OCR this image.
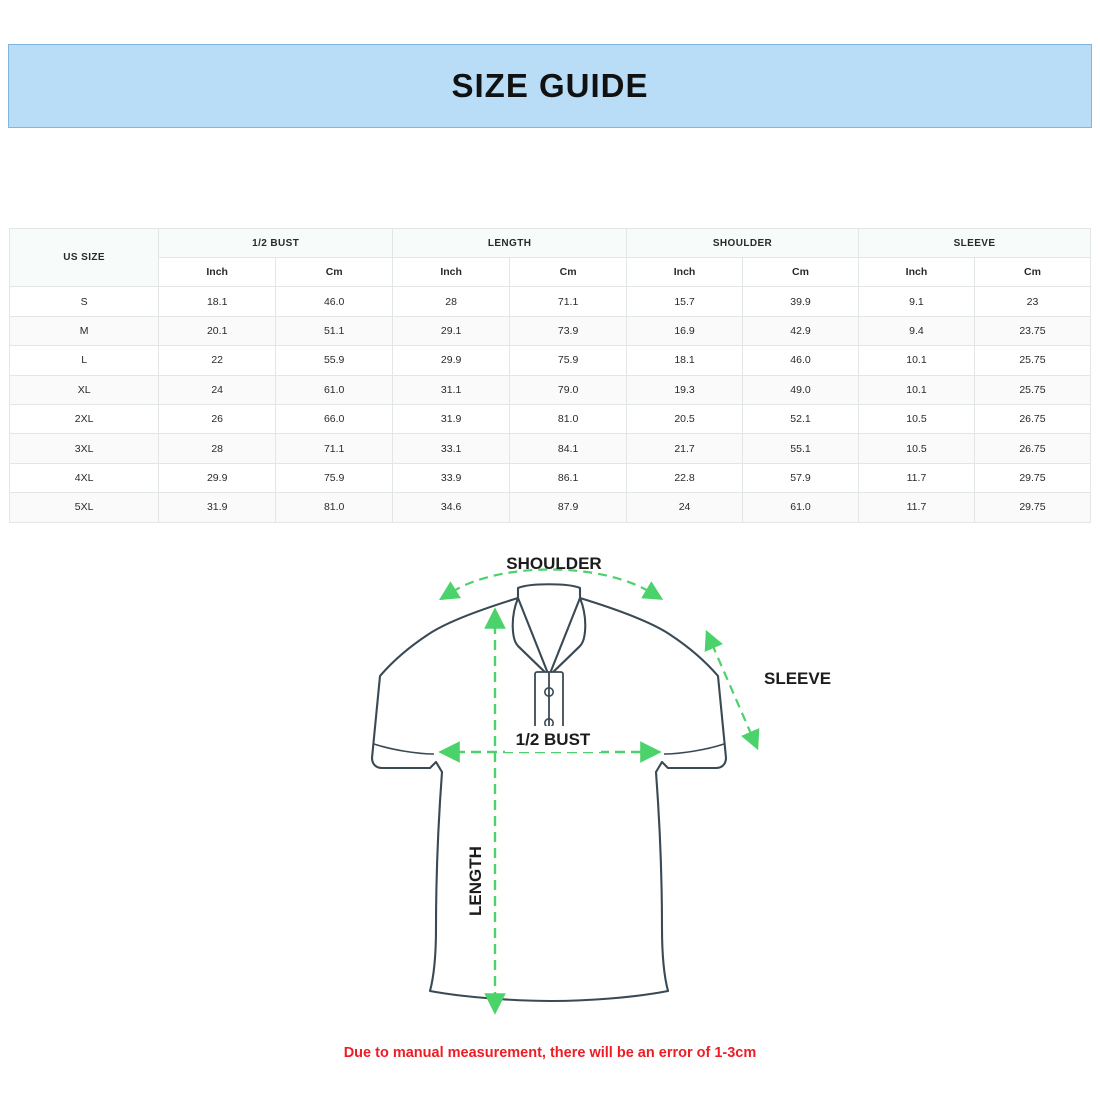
SIZE GUIDE
US SIZE	1/2 BUST		LENGTH		SHOULDER		SLEEVE	
	Inch	Cm	Inch	Cm	Inch	Cm	Inch	Cm
S	18.1	46.0	28	71.1	15.7	39.9	9.1	23
M	20.1	51.1	29.1	73.9	16.9	42.9	9.4	23.75
L	22	55.9	29.9	75.9	18.1	46.0	10.1	25.75
XL	24	61.0	31.1	79.0	19.3	49.0	10.1	25.75
2XL	26	66.0	31.9	81.0	20.5	52.1	10.5	26.75
3XL	28	71.1	33.1	84.1	21.7	55.1	10.5	26.75
4XL	29.9	75.9	33.9	86.1	22.8	57.9	11.7	29.75
5XL	31.9	81.0	34.6	87.9	24	61.0	11.7	29.75
SHOULDER
SLEEVE
1/2 BUST
LENGTH
Due to manual measurement, there will be an error of 1-3cm
